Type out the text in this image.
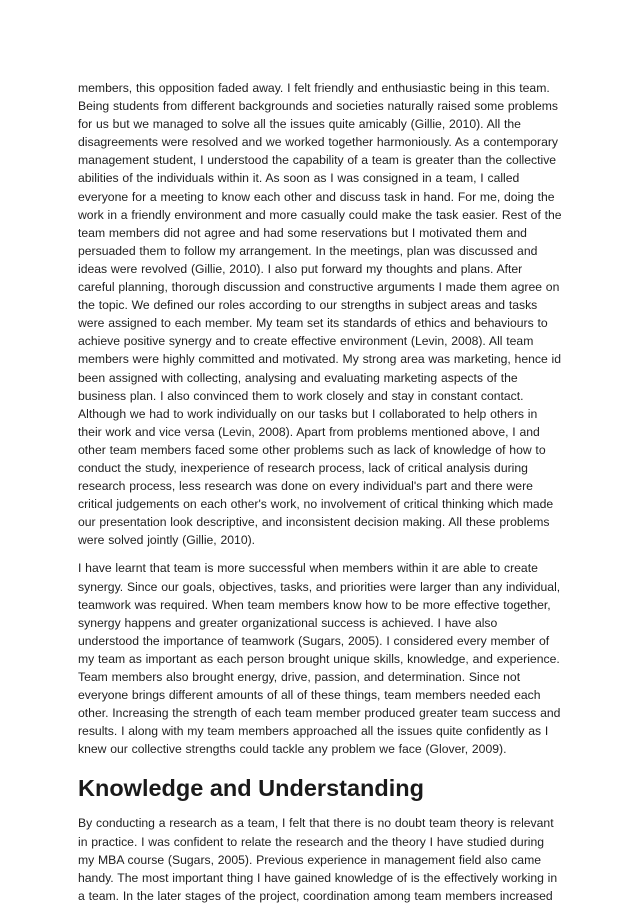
members, this opposition faded away. I felt friendly and enthusiastic being in this team. Being students from different backgrounds and societies naturally raised some problems for us but we managed to solve all the issues quite amicably (Gillie, 2010). All the disagreements were resolved and we worked together harmoniously. As a contemporary management student, I understood the capability of a team is greater than the collective abilities of the individuals within it. As soon as I was consigned in a team, I called everyone for a meeting to know each other and discuss task in hand. For me, doing the work in a friendly environment and more casually could make the task easier. Rest of the team members did not agree and had some reservations but I motivated them and persuaded them to follow my arrangement. In the meetings, plan was discussed and ideas were revolved (Gillie, 2010). I also put forward my thoughts and plans. After careful planning, thorough discussion and constructive arguments I made them agree on the topic. We defined our roles according to our strengths in subject areas and tasks were assigned to each member. My team set its standards of ethics and behaviours to achieve positive synergy and to create effective environment (Levin, 2008). All team members were highly committed and motivated. My strong area was marketing, hence id been assigned with collecting, analysing and evaluating marketing aspects of the business plan. I also convinced them to work closely and stay in constant contact. Although we had to work individually on our tasks but I collaborated to help others in their work and vice versa (Levin, 2008). Apart from problems mentioned above, I and other team members faced some other problems such as lack of knowledge of how to conduct the study, inexperience of research process, lack of critical analysis during research process, less research was done on every individual's part and there were critical judgements on each other's work, no involvement of critical thinking which made our presentation look descriptive, and inconsistent decision making. All these problems were solved jointly (Gillie, 2010).

I have learnt that team is more successful when members within it are able to create synergy. Since our goals, objectives, tasks, and priorities were larger than any individual, teamwork was required. When team members know how to be more effective together, synergy happens and greater organizational success is achieved. I have also understood the importance of teamwork (Sugars, 2005). I considered every member of my team as important as each person brought unique skills, knowledge, and experience. Team members also brought energy, drive, passion, and determination. Since not everyone brings different amounts of all of these things, team members needed each other. Increasing the strength of each team member produced greater team success and results. I along with my team members approached all the issues quite confidently as I knew our collective strengths could tackle any problem we face (Glover, 2009).

Knowledge and Understanding

By conducting a research as a team, I felt that there is no doubt team theory is relevant in practice. I was confident to relate the research and the theory I have studied during my MBA course (Sugars, 2005). Previous experience in management field also came handy. The most important thing I have gained knowledge of is the effectively working in a team. In the later stages of the project, coordination among team members increased
